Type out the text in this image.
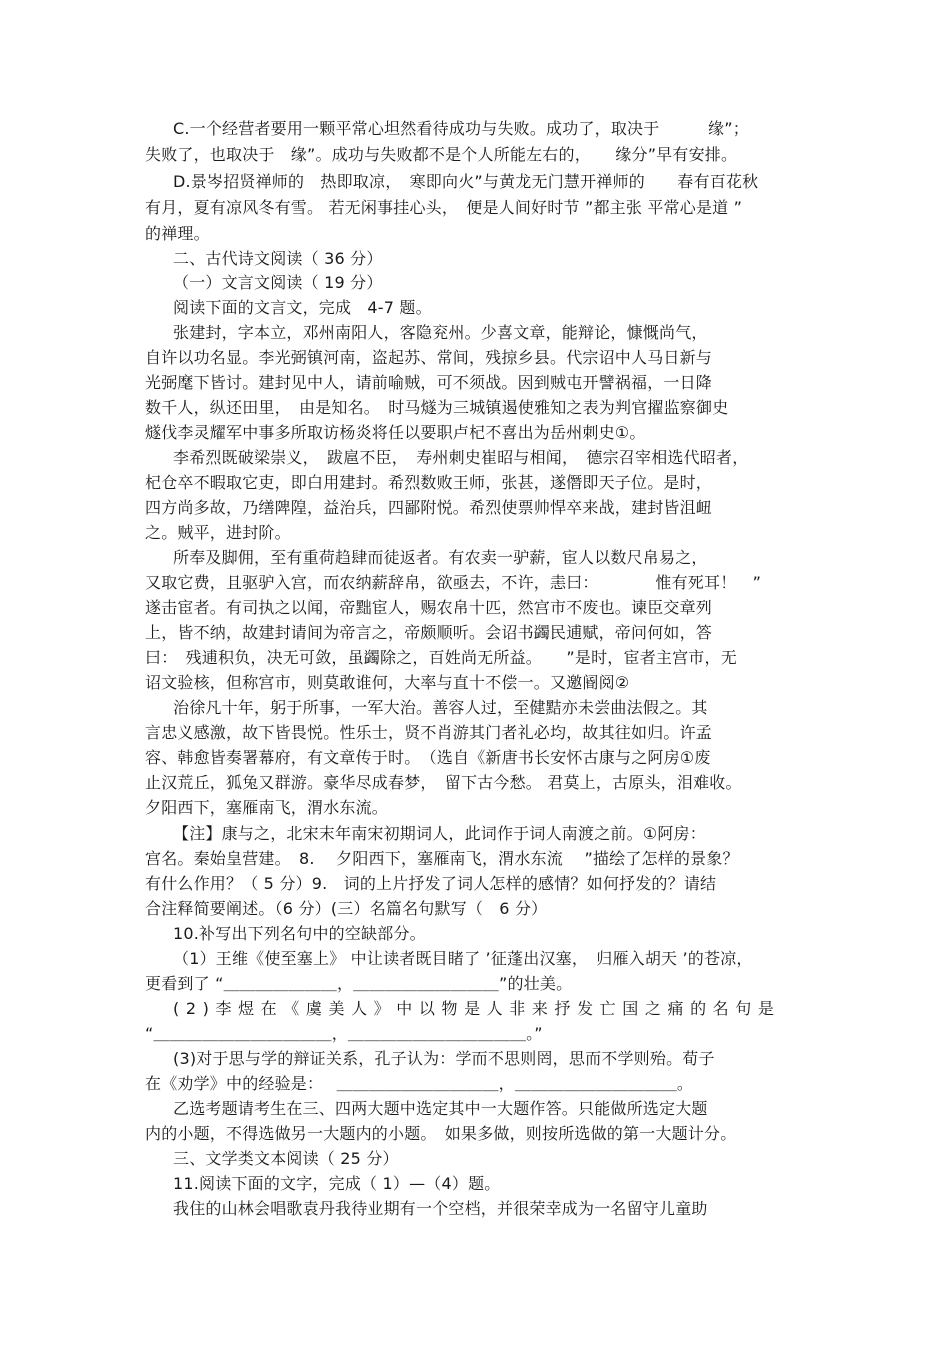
C.一个经营者要用一颗平常心坦然看待成功与失败。成功了，取决于　　　缘”；
失败了，也取决于　缘”。成功与失败都不是个人所能左右的，　　缘分”早有安排。
D.景岑招贤禅师的　热即取凉，　寒即向火”与黄龙无门慧开禅师的　　春有百花秋
有月，夏有凉风冬有雪。 若无闲事挂心头，　便是人间好时节 ”都主张 平常心是道 ”
的禅理。
二、古代诗文阅读（ 36 分）
（一）文言文阅读（ 19 分）
阅读下面的文言文，完成　4-7 题。
张建封，字本立，邓州南阳人，客隐兖州。少喜文章，能辩论，慷慨尚气，
自许以功名显。李光弼镇河南，盗起苏、常间，残掠乡县。代宗诏中人马日新与
光弼麾下皆讨。建封见中人，请前喻贼，可不须战。因到贼屯开譬祸福，一日降
数千人，纵还田里，　由是知名。　时马燧为三城镇遏使雅知之表为判官擢监察御史
燧伐李灵耀军中事多所取访杨炎将任以要职卢杞不喜出为岳州刺史①。
李希烈既破梁崇义，　跋扈不臣，　寿州刺史崔昭与相闻，　德宗召宰相选代昭者，
杞仓卒不暇取它吏，即白用建封。希烈数败王师，张甚，遂僭即天子位。是时，
四方尚多故，乃缮陴隍，益治兵，四鄙附悦。希烈使票帅悍卒来战，建封皆沮衄
之。贼平，进封阶。
所奉及脚佣，至有重荷趋肆而徒返者。有农卖一驴薪，宦人以数尺帛易之，
又取它费，且驱驴入宫，而农纳薪辞帛，欲亟去，不许，恚曰：　　　　惟有死耳！　”
遂击宦者。有司执之以闻，帝黜宦人，赐农帛十匹，然宫市不废也。谏臣交章列
上，皆不纳，故建封请间为帝言之，帝颇顺听。会诏书蠲民逋赋，帝问何如，答
曰：　残逋积负，决无可敛，虽蠲除之，百姓尚无所益。　　”是时，宦者主宫市，无
诏文验核，但称宫市，则莫敢谁何，大率与直十不偿一。又邀阍阅②
治徐凡十年，躬于所事，一军大治。善容人过，至健黠亦未尝曲法假之。其
言忠义感激，故下皆畏悦。性乐士，贤不肖游其门者礼必均，故其往如归。许孟
容、韩愈皆奏署幕府，有文章传于时。　（选自《新唐书长安怀古康与之阿房①废
止汉荒丘，狐兔又群游。豪华尽成春梦，　留下古今愁。 君莫上，古原头，泪难收。
夕阳西下，塞雁南飞，渭水东流。
【注】康与之，北宋末年南宋初期词人，此词作于词人南渡之前。①阿房：
宫名。秦始皇营建。　8.　 夕阳西下，塞雁南飞，渭水东流　 ”描绘了怎样的景象？
有什么作用？（ 5 分）9.　词的上片抒发了词人怎样的感情？如何抒发的？请结
合注释简要阐述。（6 分）(三）名篇名句默写（　6 分）
10.补写出下列名句中的空缺部分。
（1）王维《使至塞上》 中让读者既目睹了 ’征蓬出汉塞，　归雁入胡天 ’的苍凉，
更看到了 “＿＿＿＿＿＿＿，＿＿＿＿＿＿＿＿＿”的壮美。
(2)李煜在《虞美人》中以物是人非来抒发亡国之痛的名句是
“＿＿＿＿＿＿＿＿＿＿＿，＿＿＿＿＿＿＿＿＿＿＿。”
(3)对于思与学的辩证关系，孔子认为：学而不思则罔，思而不学则殆。荀子
在《劝学》中的经验是：　 ＿＿＿＿＿＿＿＿＿＿，＿＿＿＿＿＿＿＿＿＿。
乙选考题请考生在三、四两大题中选定其中一大题作答。只能做所选定大题
内的小题，不得选做另一大题内的小题。　如果多做，则按所选做的第一大题计分。
三、文学类文本阅读（ 25 分）
11.阅读下面的文字，完成（ 1）—（4）题。
我住的山林会唱歌袁丹我待业期有一个空档，并很荣幸成为一名留守儿童助
